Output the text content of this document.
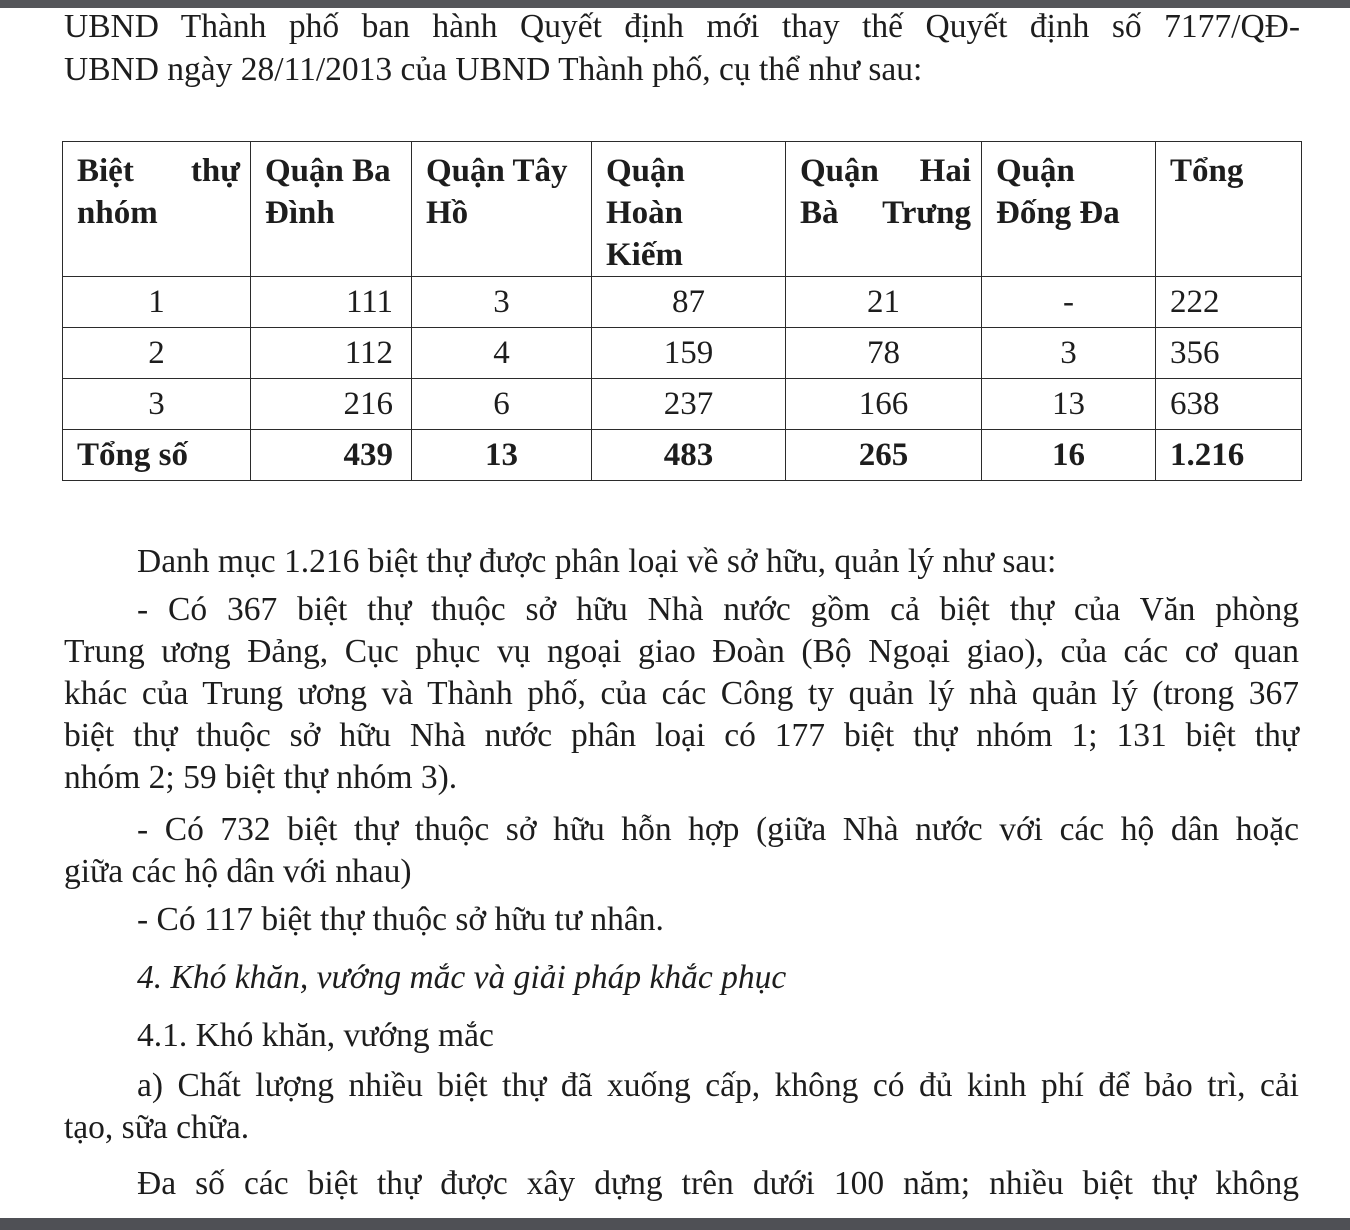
UBND Thành phố ban hành Quyết định mới thay thế Quyết định số 7177/QĐ-

UBND ngày 28/11/2013 của UBND Thành phố, cụ thể như sau:

Biệt thự nhóm	Quận Ba Đình	Quận Tây Hồ	Quận Hoàn Kiếm	Quận Hai Bà Trưng	Quận Đống Đa	Tổng
1	111	3	87	21	-	222
2	112	4	159	78	3	356
3	216	6	237	166	13	638
Tổng số	439	13	483	265	16	1.216

Danh mục 1.216 biệt thự được phân loại về sở hữu, quản lý như sau:

- Có 367 biệt thự thuộc sở hữu Nhà nước gồm cả biệt thự của Văn phòng

Trung ương Đảng, Cục phục vụ ngoại giao Đoàn (Bộ Ngoại giao), của các cơ quan

khác của Trung ương và Thành phố, của các Công ty quản lý nhà quản lý (trong 367

biệt thự thuộc sở hữu Nhà nước phân loại có 177 biệt thự nhóm 1; 131 biệt thự

nhóm 2; 59 biệt thự nhóm 3).

- Có 732 biệt thự thuộc sở hữu hỗn hợp (giữa Nhà nước với các hộ dân hoặc

giữa các hộ dân với nhau)

- Có 117 biệt thự thuộc sở hữu tư nhân.

4. Khó khăn, vướng mắc và giải pháp khắc phục

4.1. Khó khăn, vướng mắc

a) Chất lượng nhiều biệt thự đã xuống cấp, không có đủ kinh phí để bảo trì, cải

tạo, sữa chữa.

Đa số các biệt thự được xây dựng trên dưới 100 năm; nhiều biệt thự không
